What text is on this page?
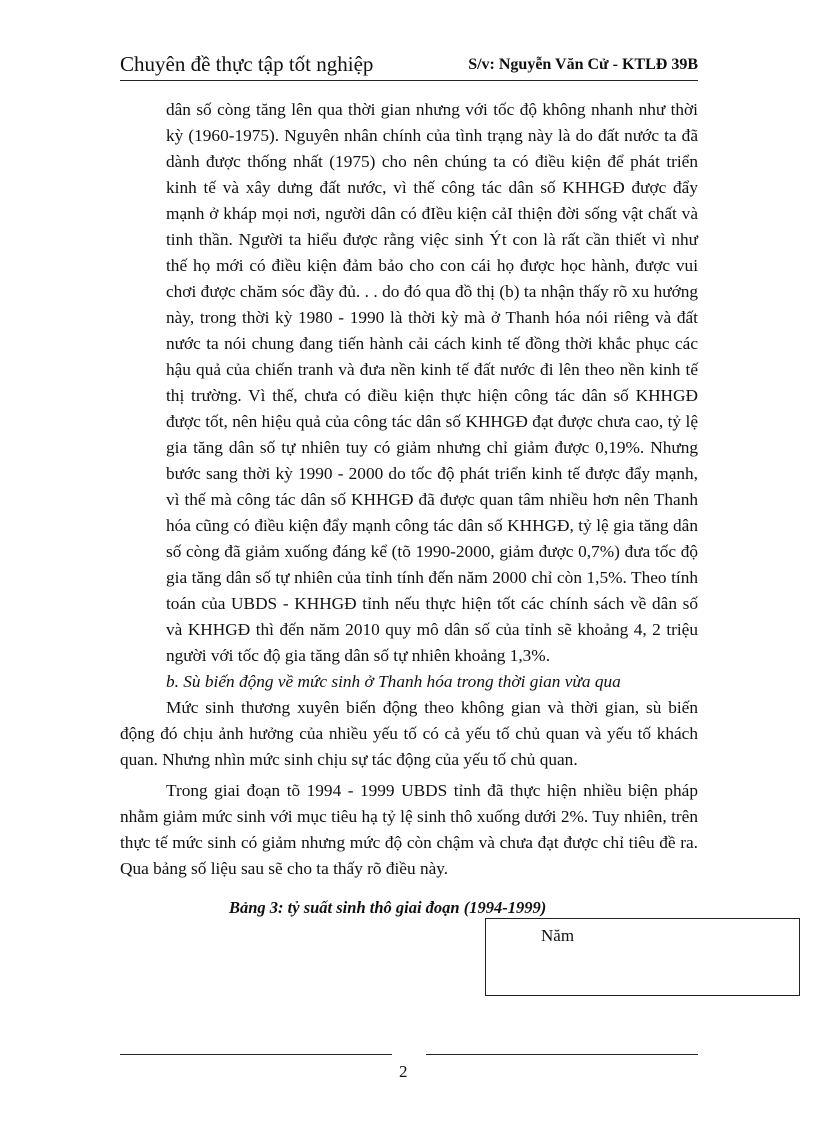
Chuyên đề thực tập tốt nghiệp	S/v: Nguyễn Văn Cử - KTLĐ 39B

dân số còng tăng lên qua thời gian nhưng với tốc độ không nhanh như thời kỳ (1960-1975). Nguyên nhân chính của tình trạng này là do đất nước ta đã dành được thống nhất (1975) cho nên chúng ta có điều kiện để phát triển kinh tế và xây dưng đất nước, vì thế công tác dân số KHHGĐ được đẩy mạnh ở kháp mọi nơi, người dân có đIều kiện cảI thiện đời sống vật chất và tinh thần. Người ta hiểu được rằng việc sinh Ýt con là rất cần thiết vì như thế họ mới có điều kiện đảm bảo cho con cái họ được học hành, được vui chơi được chăm sóc đầy đủ. . . do đó qua đồ thị (b) ta nhận thấy rõ xu hướng này, trong thời kỳ 1980 - 1990 là thời kỳ mà ở Thanh hóa nói riêng và đất nước ta nói chung đang tiến hành cải cách kinh tế đồng thời khắc phục các hậu quả của chiến tranh và đưa nền kinh tế đất nước đi lên theo nền kinh tế thị trường. Vì thế, chưa có điều kiện thực hiện công tác dân số KHHGĐ được tốt, nên hiệu quả của công tác dân số KHHGĐ đạt được chưa cao, tỷ lệ gia tăng dân số tự nhiên tuy có giảm nhưng chỉ giảm được 0,19%. Nhưng bước sang thời kỳ 1990 - 2000 do tốc độ phát triển kinh tế được đẩy mạnh, vì thế mà công tác dân số KHHGĐ đã được quan tâm nhiều hơn nên Thanh hóa cũng có điều kiện đẩy mạnh công tác dân số KHHGĐ, tỷ lệ gia tăng dân số còng đã giảm xuống đáng kể (tõ 1990-2000, giảm được 0,7%) đưa tốc độ gia tăng dân số tự nhiên của tỉnh tính đến năm 2000 chỉ còn 1,5%. Theo tính toán của UBDS - KHHGĐ tỉnh nếu thực hiện tốt các chính sách về dân số và KHHGĐ thì đến năm 2010 quy mô dân số của tỉnh sẽ khoảng 4, 2 triệu người với tốc độ gia tăng dân số tự nhiên khoảng 1,3%.

b. Sù biến động về mức sinh ở Thanh hóa trong thời gian vừa qua

Mức sinh thương xuyên biến động theo không gian và thời gian, sù biến động đó chịu ảnh hưởng của nhiều yếu tố có cả yếu tố chủ quan và yếu tố khách quan. Nhưng nhìn mức sinh chịu sự tác động của yếu tố chủ quan.

Trong giai đoạn tõ 1994 - 1999 UBDS tỉnh đã thực hiện nhiều biện pháp nhằm giảm mức sinh với mục tiêu hạ tỷ lệ sinh thô xuống dưới 2%. Tuy nhiên, trên thực tế mức sinh có giảm nhưng mức độ còn chậm và chưa đạt được chỉ tiêu đề ra. Qua bảng số liệu sau sẽ cho ta thấy rõ điều này.

Bảng 3: tỷ suất sinh thô giai đoạn (1994-1999)
Năm
2
